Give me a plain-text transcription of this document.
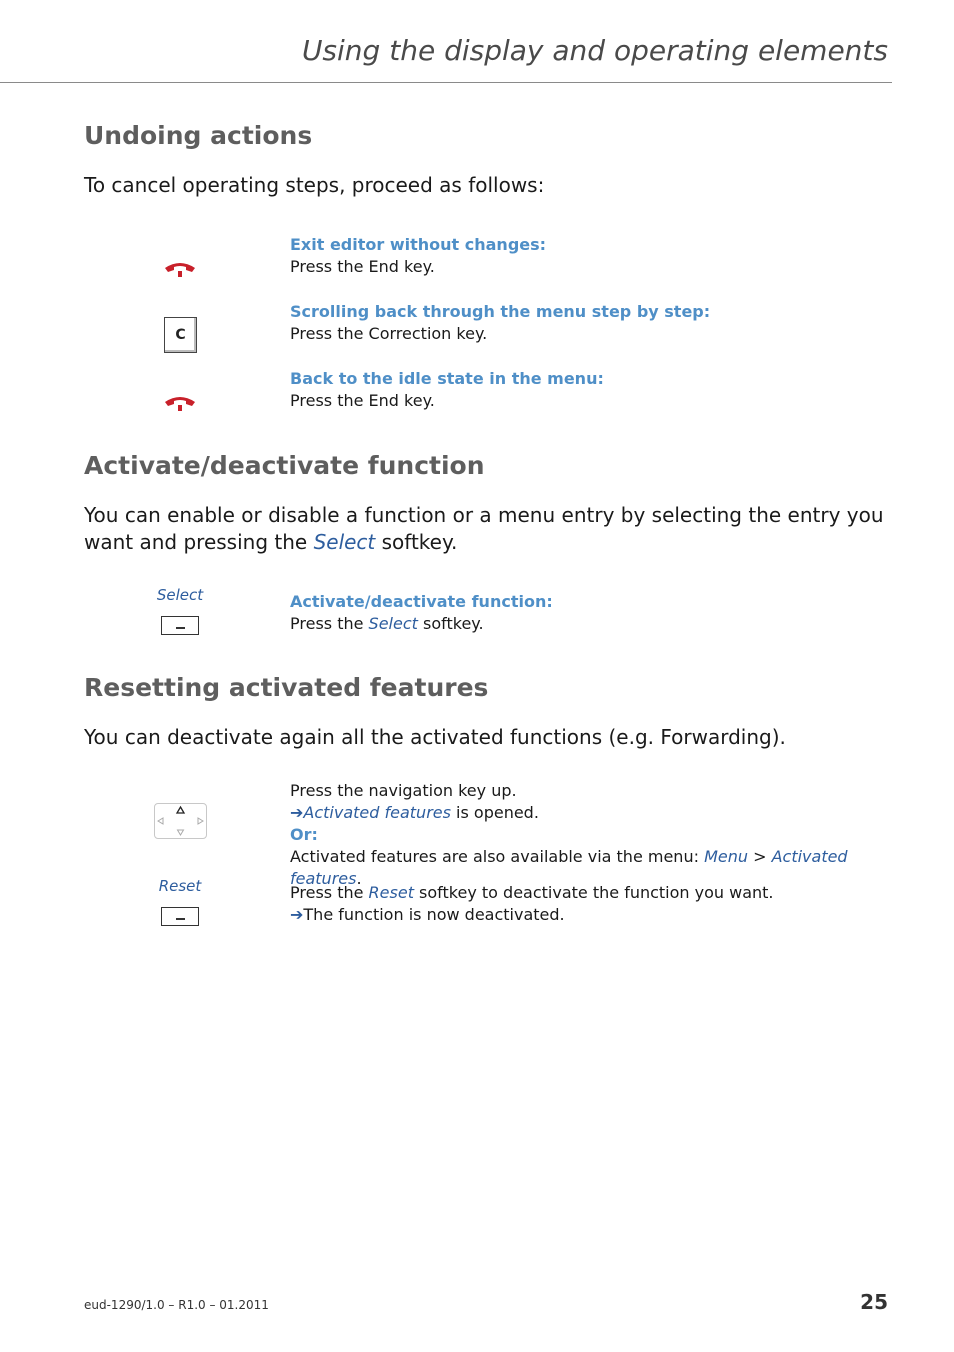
Using the display and operating elements
Undoing actions
To cancel operating steps, proceed as follows:
Exit editor without changes:
Press the End key.
C
Scrolling back through the menu step by step:
Press the Correction key.
Back to the idle state in the menu:
Press the End key.
Activate/deactivate function
You can enable or disable a function or a menu entry by selecting the entry you want and pressing the Select softkey.
Select	Activate/deactivate function:
Press the Select softkey.
Resetting activated features
You can deactivate again all the activated functions (e.g. Forwarding).
Press the navigation key up.
➔Activated features is opened.
Or:
Activated features are also available via the menu: Menu > Activated features.
Reset	Press the Reset softkey to deactivate the function you want.
➔The function is now deactivated.
eud-1290/1.0 – R1.0 – 01.2011	25
